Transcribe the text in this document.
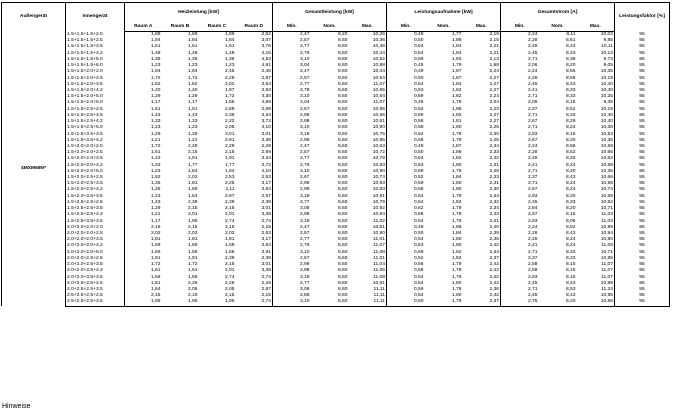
Außengerät	Innengerät	Heizleistung [kW]				Gesamtleistung [kW]			Leistungsaufnahme [kW]			Gesamtstrom [A]			Leistungsfaktor [%]
		Raum A	Raum B	Raum C	Raum D	Min.	Nom.	Max.	Min.	Nom.	Max.	Min.	Nom.	Max.	
4MXM68N*	1.5+1.5+1.5+2.0	1,89	1,89	1,89	2,52	2,47	8,20	10,25	0,49	1,77	2,19	2,24	8,11	10,02	95
	1.5+1.5+1.5+2.5	1,84	1,84	1,84	3,07	2,57	8,60	10,36	0,50	1,88	2,15	2,28	8,61	9,85	95
	1.5+1.5+1.5+3.5	1,61	1,61	1,61	3,76	2,77	8,60	10,46	0,54	1,84	2,21	2,45	8,43	10,11	95
	1.5+1.5+1.5+4.2	1,48	1,48	1,48	4,15	2,78	8,60	10,44	0,54	1,84	2,21	2,45	8,43	10,13	95
	1.5+1.5+1.5+5.0	1,36	1,36	1,36	4,53	3,10	8,60	10,52	0,59	1,83	2,13	2,71	8,38	9,73	95
	1.5+1.5+1.5+6.0	1,23	1,23	1,23	4,91	3,04	8,60	10,88	0,45	1,79	1,98	2,06	8,20	9,05	95
	1.5+1.5+2.0+2.0	1,84	1,84	2,46	2,46	2,47	8,60	10,44	0,49	1,87	2,24	2,24	8,56	10,36	95
	1.5+1.5+2.0+2.5	1,72	1,72	2,29	2,87	2,57	8,60	10,54	0,50	1,87	2,27	2,28	8,56	10,19	95
	1.5+1.5+2.0+3.5	1,52	1,52	2,02	3,54	2,77	8,60	11,07	0,54	1,84	2,27	2,45	8,43	10,40	95
	1.5+1.5+2.0+4.2	1,40	1,40	1,87	3,93	2,78	8,60	10,65	0,53	1,82	2,27	2,41	8,33	10,40	95
	1.5+1.5+2.0+5.0	1,29	1,29	1,72	4,30	3,10	8,60	10,54	0,59	1,82	2,24	2,71	8,33	10,25	95
	1.5+1.5+2.0+6.0	1,17	1,17	1,56	4,69	3,04	8,60	11,07	0,45	1,78	2,04	2,06	8,15	9,35	95
	1.5+1.5+2.5+2.5	1,61	1,61	2,69	2,69	2,67	8,60	10,65	0,52	1,86	2,23	2,37	8,52	10,19	95
	1.5+1.5+2.5+3.5	1,43	1,43	2,39	3,34	2,98	8,60	10,65	0,59	1,82	2,27	2,71	8,33	10,40	95
	1.5+1.5+2.5+4.2	1,33	1,33	2,22	3,72	2,98	8,60	10,61	0,58	1,81	2,27	2,67	8,29	10,40	95
	1.5+1.5+2.5+5.0	1,23	1,23	2,05	4,10	3,10	8,60	10,90	0,59	1,80	2,26	2,71	8,24	10,36	95
	1.5+1.5+3.5+3.5	1,29	1,29	3,01	3,01	3,18	8,60	10,75	0,64	1,78	2,30	2,93	8,15	10,53	95
	1.5+1.5+3.5+4.2	1,21	1,21	2,81	3,38	2,99	8,60	10,85	0,58	1,79	2,26	2,67	8,20	10,36	95
	1.5+2.0+2.0+2.0	1,72	2,29	2,29	2,29	2,47	8,60	10,63	0,49	1,87	2,34	2,24	8,56	10,69	95
	1.5+2.0+2.0+2.5	1,61	2,15	2,15	2,69	2,57	8,60	10,72	0,50	1,86	2,33	2,28	8,52	10,66	95
	1.5+2.0+2.0+3.5	1,43	1,91	1,91	3,34	2,77	8,60	10,79	0,54	1,82	2,32	2,45	8,33	10,62	95
	1.5+2.0+2.0+4.2	1,33	1,77	1,77	3,72	2,78	8,60	10,83	0,53	1,80	2,31	2,41	8,24	10,58	95
	1.5+2.0+2.0+5.0	1,23	1,64	1,64	4,10	3,10	8,60	10,90	0,59	1,79	2,26	2,71	8,20	10,36	95
	1.5+2.0+2.5+2.5	1,52	2,02	2,53	2,53	2,67	8,60	10,74	0,52	1,84	2,33	2,37	8,43	10,66	95
	1.5+2.0+2.5+3.5	1,36	1,81	2,26	3,17	2,98	8,60	10,83	0,59	1,80	2,31	2,71	8,24	10,58	95
	1.5+2.0+2.5+4.2	1,26	1,69	2,11	3,54	2,98	8,60	10,83	0,58	1,80	2,30	2,67	8,24	10,74	95
	1.5+2.0+3.5+3.5	1,23	1,64	2,87	2,87	3,18	8,60	10,91	0,64	1,79	2,34	2,93	8,20	10,69	95
	1.5+2.5+2.5+2.5	1,43	2,39	2,39	2,39	2,77	8,60	10,79	0,54	1,82	2,32	2,45	8,33	10,62	95
	1.5+2.5+2.5+3.5	1,29	2,15	2,15	3,01	3,08	8,60	10,92	0,62	1,79	2,34	2,84	8,20	10,71	95
	1.5+2.5+2.5+4.2	1,21	2,01	2,01	3,38	2,98	8,60	10,94	0,58	1,78	2,33	2,67	8,15	11,03	95
	1.5+2.5+3.5+3.5	1,17	1,95	2,74	2,74	3,18	8,60	11,02	0,64	1,76	2,41	2,93	8,06	11,03	95
	2.0+2.0+2.0+2.0	2,15	2,15	2,15	2,15	2,47	8,60	10,81	0,49	1,86	2,40	2,24	8,52	10,99	95
	2.0+2.0+2.0+2.5	2,02	2,02	2,02	2,53	2,57	8,60	10,90	0,50	1,84	2,39	2,28	8,43	10,94	95
	2.0+2.0+2.0+3.5	1,81	1,81	1,81	3,17	2,77	8,60	11,01	0,54	1,80	2,36	2,45	8,24	10,80	95
	2.0+2.0+2.0+4.2	1,69	1,69	1,69	3,54	2,78	8,60	11,07	0,53	1,80	2,42	2,41	8,24	11,08	95
	2.0+2.0+2.0+5.0	1,56	1,56	1,56	3,91	3,10	8,60	11,08	0,59	1,82	2,34	2,71	8,33	10,71	95
	2.0+2.0+2.5+2.5	1,91	1,91	2,39	2,39	2,67	8,60	11,01	0,52	1,82	2,37	2,37	8,33	10,85	95
	2.0+2.0+2.5+3.5	1,72	1,72	2,15	3,01	2,98	8,60	11,04	0,58	1,79	2,42	2,58	8,15	11,07	95
	2.0+2.0+2.5+4.2	1,61	1,61	2,01	3,38	2,98	8,60	11,06	0,58	1,78	2,42	2,58	8,15	11,07	95
	2.0+2.0+3.5+3.5	1,56	1,56	2,74	2,74	3,18	8,60	11,08	0,64	1,78	2,42	2,93	8,15	11,07	95
	2.0+2.5+2.5+2.5	1,81	2,26	2,26	2,26	2,77	8,60	10,91	0,54	1,80	2,42	2,45	8,43	10,88	95
	2.0+2.5+2.5+3.5	1,64	2,05	2,05	2,87	3,08	8,60	11,11	0,59	1,78	2,36	2,71	8,53	11,24	95
	2.5+2.5+2.5+2.5	2,15	2,15	2,15	2,15	2,88	8,60	11,11	0,54	1,80	2,42	2,45	8,43	10,95	95
	2.5+2.5+2.5+3.5	1,95	1,95	1,95	2,74	3,10	8,60	11,11	0,60	1,79	2,37	2,75	8,20	10,86	95
Hinweise
